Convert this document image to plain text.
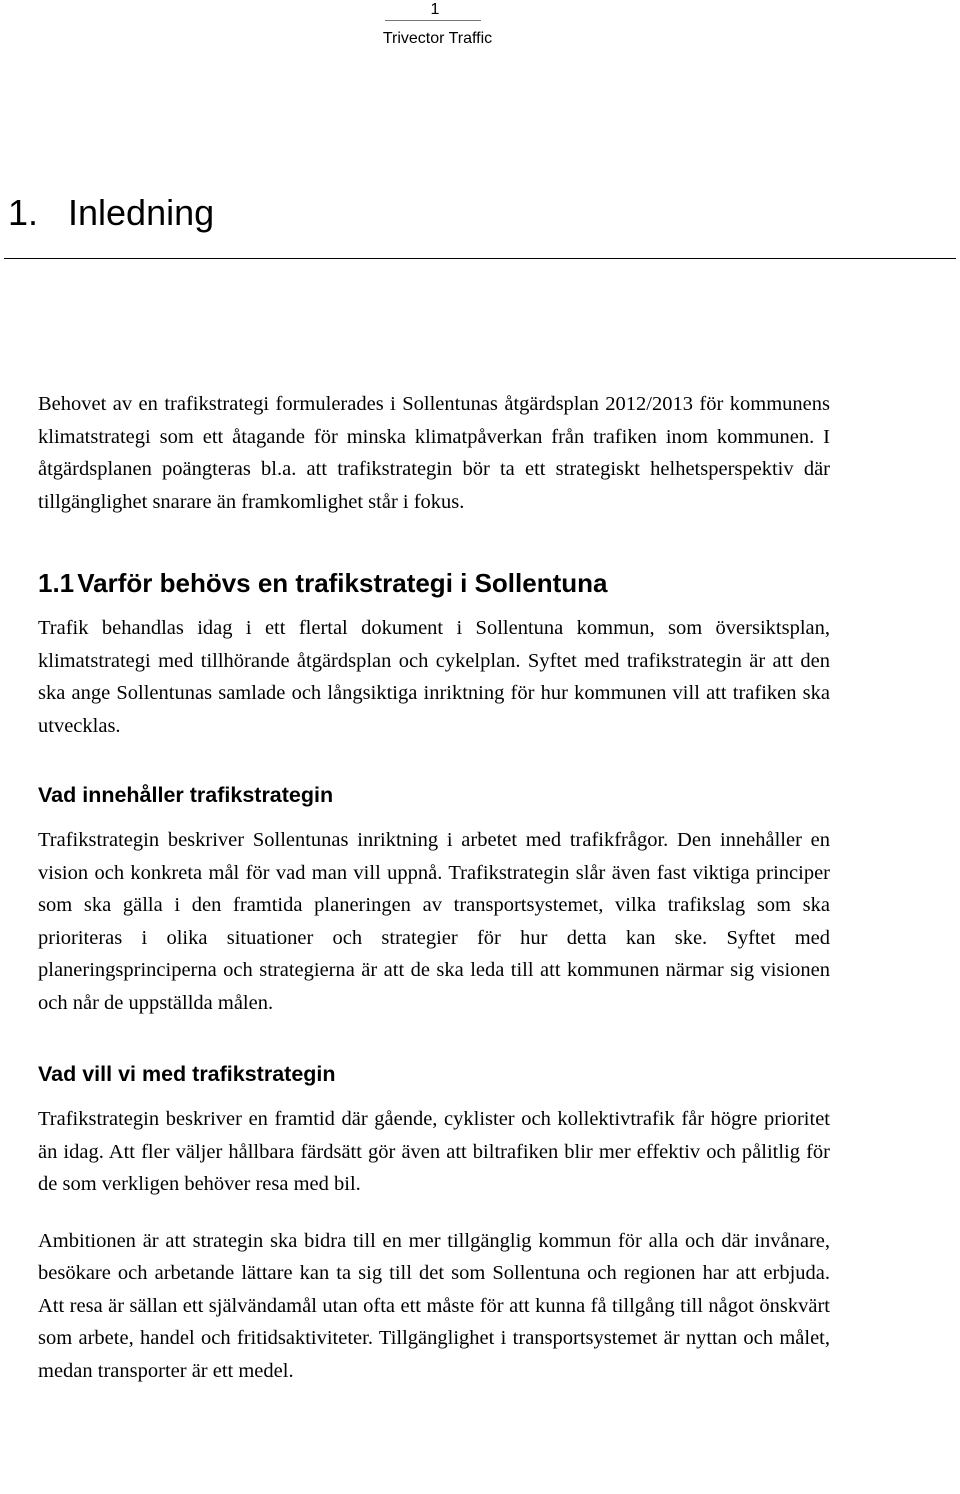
1
Trivector Traffic
1. Inledning

Behovet av en trafikstrategi formulerades i Sollentunas åtgärdsplan 2012/2013 för kommunens klimatstrategi som ett åtagande för minska klimatpåverkan från trafiken inom kommunen. I åtgärdsplanen poängteras bl.a. att trafikstrategin bör ta ett strategiskt helhetsperspektiv där tillgänglighet snarare än framkomlighet står i fokus.

1.1 Varför behövs en trafikstrategi i Sollentuna

Trafik behandlas idag i ett flertal dokument i Sollentuna kommun, som översiktsplan, klimatstrategi med tillhörande åtgärdsplan och cykelplan. Syftet med trafikstrategin är att den ska ange Sollentunas samlade och långsiktiga inriktning för hur kommunen vill att trafiken ska utvecklas.

Vad innehåller trafikstrategin

Trafikstrategin beskriver Sollentunas inriktning i arbetet med trafikfrågor. Den innehåller en vision och konkreta mål för vad man vill uppnå. Trafikstrategin slår även fast viktiga principer som ska gälla i den framtida planeringen av transportsystemet, vilka trafikslag som ska prioriteras i olika situationer och strategier för hur detta kan ske. Syftet med planeringsprinciperna och strategierna är att de ska leda till att kommunen närmar sig visionen och når de uppställda målen.

Vad vill vi med trafikstrategin

Trafikstrategin beskriver en framtid där gående, cyklister och kollektivtrafik får högre prioritet än idag. Att fler väljer hållbara färdsätt gör även att biltrafiken blir mer effektiv och pålitlig för de som verkligen behöver resa med bil.

Ambitionen är att strategin ska bidra till en mer tillgänglig kommun för alla och där invånare, besökare och arbetande lättare kan ta sig till det som Sollentuna och regionen har att erbjuda. Att resa är sällan ett självändamål utan ofta ett måste för att kunna få tillgång till något önskvärt som arbete, handel och fritidsaktiviteter. Tillgänglighet i transportsystemet är nyttan och målet, medan transporter är ett medel.
